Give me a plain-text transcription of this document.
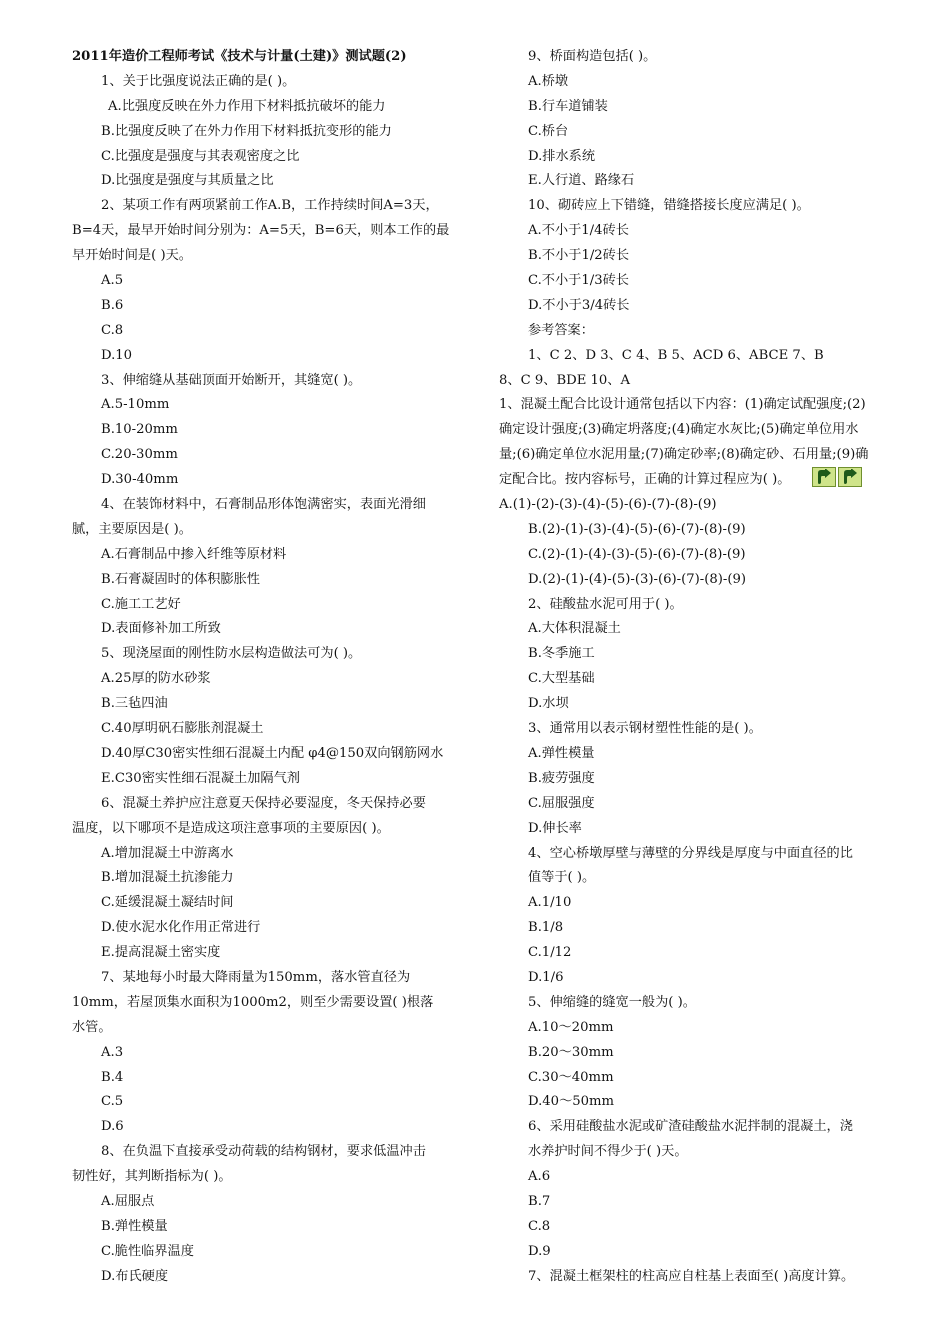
2011年造价工程师考试《技术与计量(土建)》测试题(2)
1、关于比强度说法正确的是( )。
A.比强度反映在外力作用下材料抵抗破坏的能力
B.比强度反映了在外力作用下材料抵抗变形的能力
C.比强度是强度与其表观密度之比
D.比强度是强度与其质量之比
2、某项工作有两项紧前工作A.B，工作持续时间A=3天，
B=4天，最早开始时间分别为：A=5天，B=6天，则本工作的最
早开始时间是( )天。
A.5
B.6
C.8
D.10
3、伸缩缝从基础顶面开始断开，其缝宽( )。
A.5-10mm
B.10-20mm
C.20-30mm
D.30-40mm
4、在装饰材料中，石膏制品形体饱满密实，表面光滑细
腻，主要原因是( )。
A.石膏制品中掺入纤维等原材料
B.石膏凝固时的体积膨胀性
C.施工工艺好
D.表面修补加工所致
5、现浇屋面的刚性防水层构造做法可为( )。
A.25厚的防水砂浆
B.三毡四油
C.40厚明矾石膨胀剂混凝土
D.40厚C30密实性细石混凝土内配 φ4@150双向钢筋网水
E.C30密实性细石混凝土加隔气剂
6、混凝土养护应注意夏天保持必要湿度，冬天保持必要
温度，以下哪项不是造成这项注意事项的主要原因( )。
A.增加混凝土中游离水
B.增加混凝土抗渗能力
C.延缓混凝土凝结时间
D.使水泥水化作用正常进行
E.提高混凝土密实度
7、某地每小时最大降雨量为150mm，落水管直径为
10mm，若屋顶集水面积为1000m2，则至少需要设置( )根落
水管。
A.3
B.4
C.5
D.6
8、在负温下直接承受动荷载的结构钢材，要求低温冲击
韧性好，其判断指标为( )。
A.屈服点
B.弹性模量
C.脆性临界温度
D.布氏硬度
9、桥面构造包括( )。
A.桥墩
B.行车道铺装
C.桥台
D.排水系统
E.人行道、路缘石
10、砌砖应上下错缝，错缝搭接长度应满足( )。
A.不小于1/4砖长
B.不小于1/2砖长
C.不小于1/3砖长
D.不小于3/4砖长
参考答案：
1、C 2、D 3、C 4、B 5、ACD 6、ABCE 7、B
8、C 9、BDE 10、A
1、混凝土配合比设计通常包括以下内容：(1)确定试配强度;(2)
确定设计强度;(3)确定坍落度;(4)确定水灰比;(5)确定单位用水
量;(6)确定单位水泥用量;(7)确定砂率;(8)确定砂、石用量;(9)确
定配合比。按内容标号，正确的计算过程应为( )。
A.(1)-(2)-(3)-(4)-(5)-(6)-(7)-(8)-(9)
B.(2)-(1)-(3)-(4)-(5)-(6)-(7)-(8)-(9)
C.(2)-(1)-(4)-(3)-(5)-(6)-(7)-(8)-(9)
D.(2)-(1)-(4)-(5)-(3)-(6)-(7)-(8)-(9)
2、硅酸盐水泥可用于( )。
A.大体积混凝土
B.冬季施工
C.大型基础
D.水坝
3、通常用以表示钢材塑性性能的是( )。
A.弹性模量
B.疲劳强度
C.屈服强度
D.伸长率
4、空心桥墩厚壁与薄壁的分界线是厚度与中面直径的比
值等于( )。
A.1/10
B.1/8
C.1/12
D.1/6
5、伸缩缝的缝宽一般为( )。
A.10～20mm
B.20～30mm
C.30～40mm
D.40～50mm
6、采用硅酸盐水泥或矿渣硅酸盐水泥拌制的混凝土，浇
水养护时间不得少于( )天。
A.6
B.7
C.8
D.9
7、混凝土框架柱的柱高应自柱基上表面至( )高度计算。
